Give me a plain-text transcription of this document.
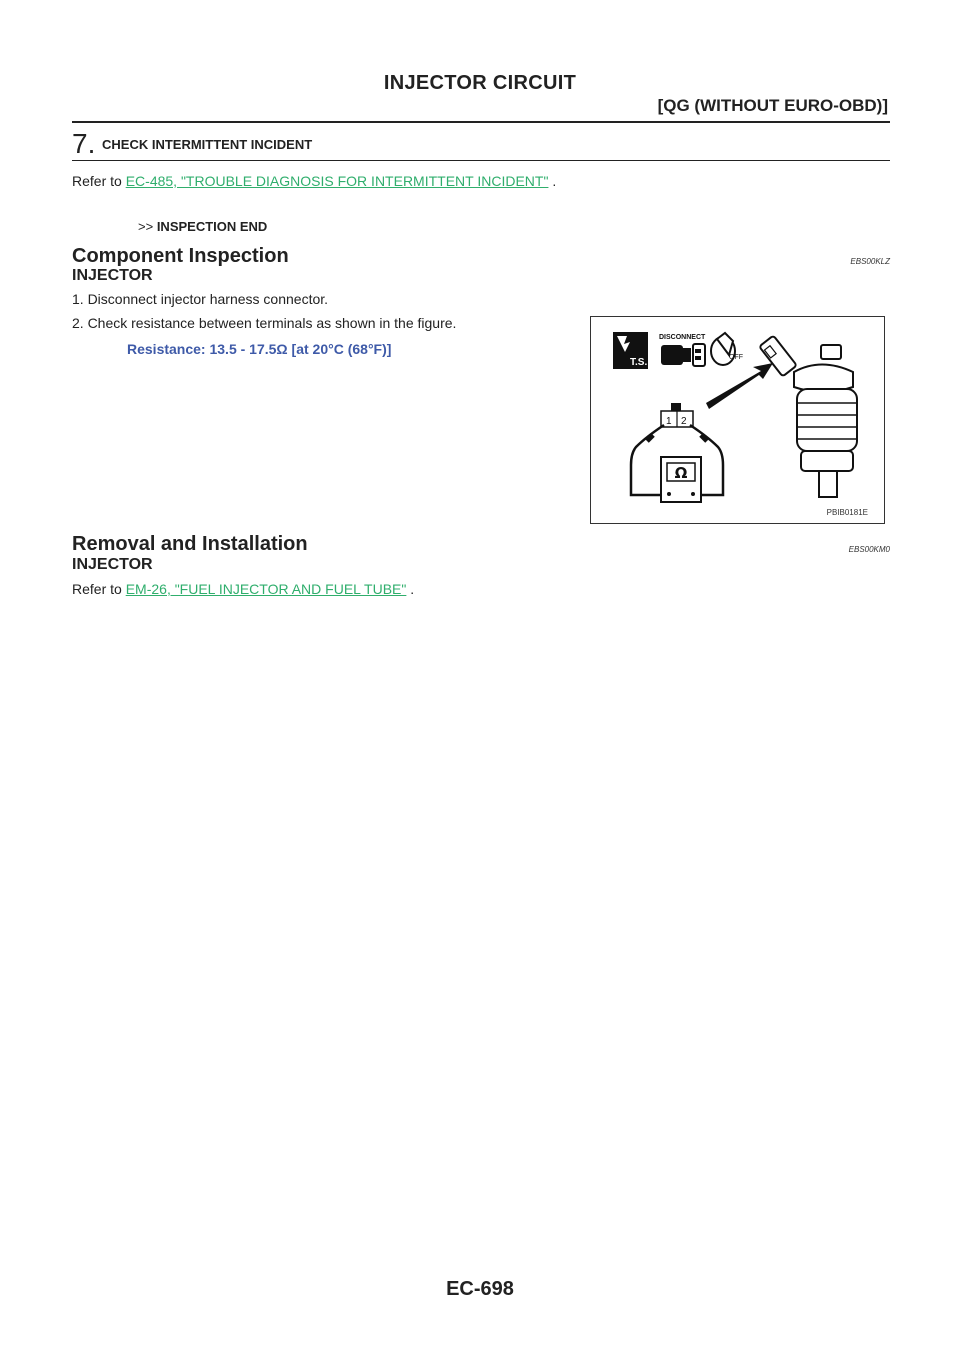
INJECTOR CIRCUIT
[QG (WITHOUT EURO-OBD)]
7. CHECK INTERMITTENT INCIDENT
Refer to EC-485, "TROUBLE DIAGNOSIS FOR INTERMITTENT INCIDENT" .
>> INSPECTION END
Component Inspection	EBS00KLZ
INJECTOR
1. Disconnect injector harness connector.
2. Check resistance between terminals as shown in the figure.
Resistance: 13.5 - 17.5Ω [at 20°C (68°F)]
T.S.
DISCONNECT
OFF
1 2
Ω
PBIB0181E
Removal and Installation	EBS00KM0
INJECTOR
Refer to EM-26, "FUEL INJECTOR AND FUEL TUBE" .
EC-698
